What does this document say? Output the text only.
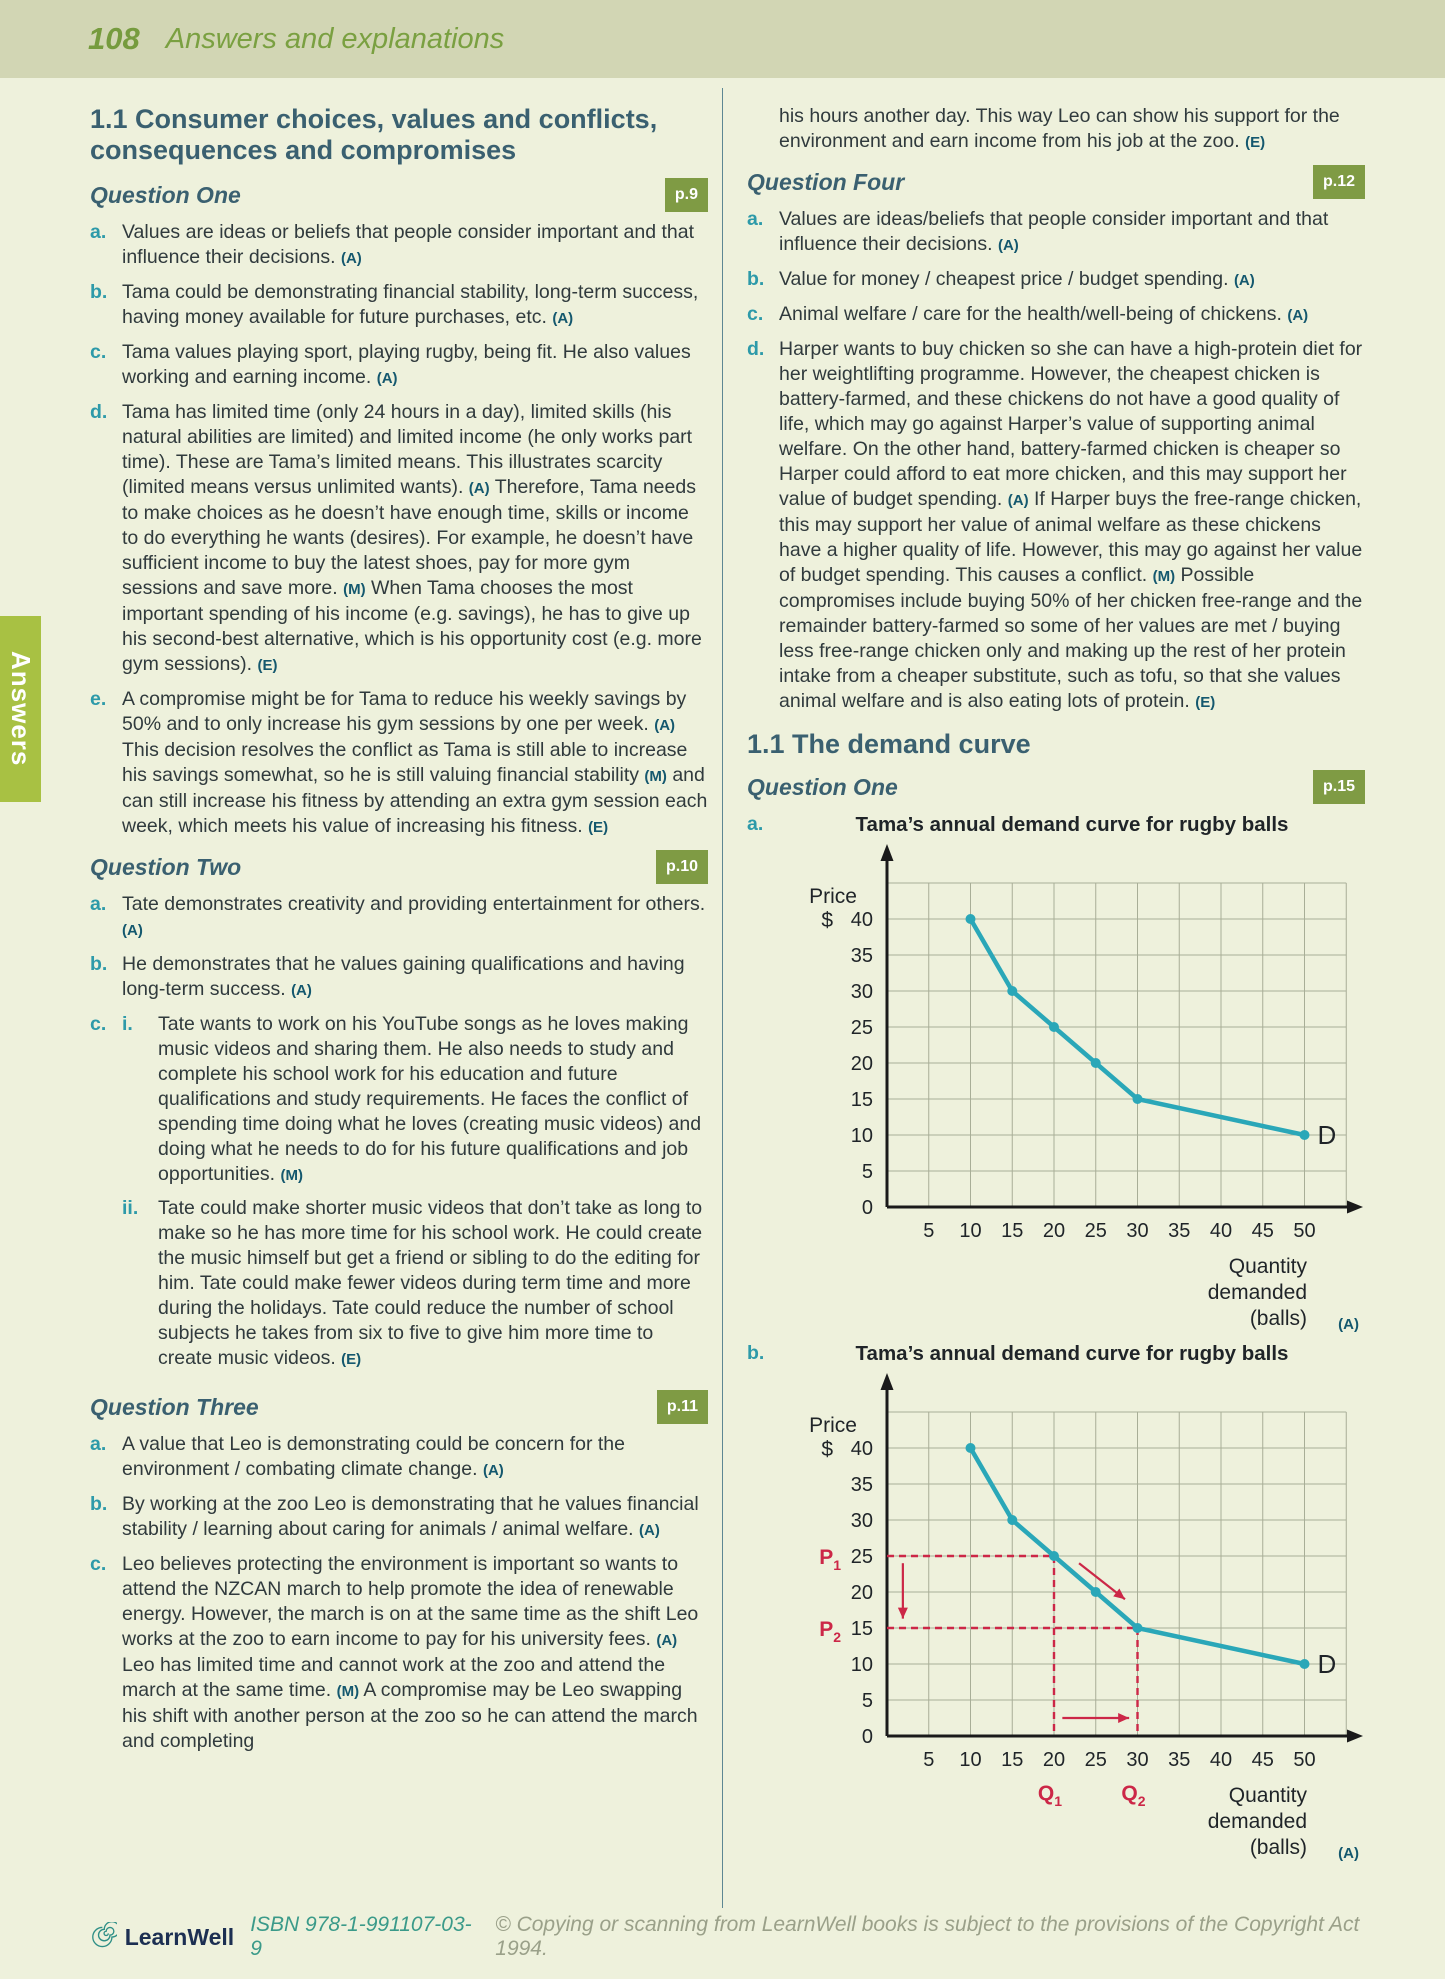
108 Answers and explanations
Answers
1.1 Consumer choices, values and conflicts, consequences and compromises
Question One	p.9
a. Values are ideas or beliefs that people consider important and that influence their decisions. (A)
b. Tama could be demonstrating financial stability, long-term success, having money available for future purchases, etc. (A)
c. Tama values playing sport, playing rugby, being fit. He also values working and earning income. (A)
d. Tama has limited time (only 24 hours in a day), limited skills (his natural abilities are limited) and limited income (he only works part time). These are Tama’s limited means. This illustrates scarcity (limited means versus unlimited wants). (A) Therefore, Tama needs to make choices as he doesn’t have enough time, skills or income to do everything he wants (desires). For example, he doesn’t have sufficient income to buy the latest shoes, pay for more gym sessions and save more. (M) When Tama chooses the most important spending of his income (e.g. savings), he has to give up his second-best alternative, which is his opportunity cost (e.g. more gym sessions). (E)
e. A compromise might be for Tama to reduce his weekly savings by 50% and to only increase his gym sessions by one per week. (A) This decision resolves the conflict as Tama is still able to increase his savings somewhat, so he is still valuing financial stability (M) and can still increase his fitness by attending an extra gym session each week, which meets his value of increasing his fitness. (E)
Question Two	p.10
a. Tate demonstrates creativity and providing entertainment for others. (A)
b. He demonstrates that he values gaining qualifications and having long-term success. (A)
c. i.	Tate wants to work on his YouTube songs as he loves making music videos and sharing them. He also needs to study and complete his school work for his education and future qualifications and study requirements. He faces the conflict of spending time doing what he loves (creating music videos) and doing what he needs to do for his future qualifications and job opportunities. (M)
ii.	Tate could make shorter music videos that don’t take as long to make so he has more time for his school work. He could create the music himself but get a friend or sibling to do the editing for him. Tate could make fewer videos during term time and more during the holidays. Tate could reduce the number of school subjects he takes from six to five to give him more time to create music videos. (E)
Question Three	p.11
a. A value that Leo is demonstrating could be concern for the environment / combating climate change. (A)
b. By working at the zoo Leo is demonstrating that he values financial stability / learning about caring for animals / animal welfare. (A)
c. Leo believes protecting the environment is important so wants to attend the NZCAN march to help promote the idea of renewable energy. However, the march is on at the same time as the shift Leo works at the zoo to earn income to pay for his university fees. (A) Leo has limited time and cannot work at the zoo and attend the march at the same time. (M) A compromise may be Leo swapping his shift with another person at the zoo so he can attend the march and completing

his hours another day. This way Leo can show his support for the environment and earn income from his job at the zoo. (E)

Question Four	p.12
a. Values are ideas/beliefs that people consider important and that influence their decisions. (A)
b. Value for money / cheapest price / budget spending. (A)
c. Animal welfare / care for the health/well-being of chickens. (A)
d. Harper wants to buy chicken so she can have a high-protein diet for her weightlifting programme. However, the cheapest chicken is battery-farmed, and these chickens do not have a good quality of life, which may go against Harper’s value of supporting animal welfare. On the other hand, battery-farmed chicken is cheaper so Harper could afford to eat more chicken, and this may support her value of budget spending. (A) If Harper buys the free-range chicken, this may support her value of animal welfare as these chickens have a higher quality of life. However, this may go against her value of budget spending. This causes a conflict. (M) Possible compromises include buying 50% of her chicken free-range and the remainder battery-farmed so some of her values are met / buying less free-range chicken only and making up the rest of her protein intake from a cheaper substitute, such as tofu, so that she values animal welfare and is also eating lots of protein. (E)
1.1 The demand curve
Question One	p.15
a.	Tama’s annual demand curve for rugby balls
0
5
10
15
20
25
30
35
40
5 10 15 20 25 30 35 40 45 50
Price
$
D
Quantity
demanded
(balls) (A)
b.	Tama’s annual demand curve for rugby balls
0
5
10
15
20
25
30
35
40
5 10 15 20 25 30 35 40 45 50
Price
$
$P_1$
$P_2$
$Q_1$	$Q_2$
D
Quantity
demanded
(balls) (A)
LearnWell ISBN 978-1-991107-03-9
© Copying or scanning from LearnWell books is subject to the provisions of the Copyright Act 1994.
